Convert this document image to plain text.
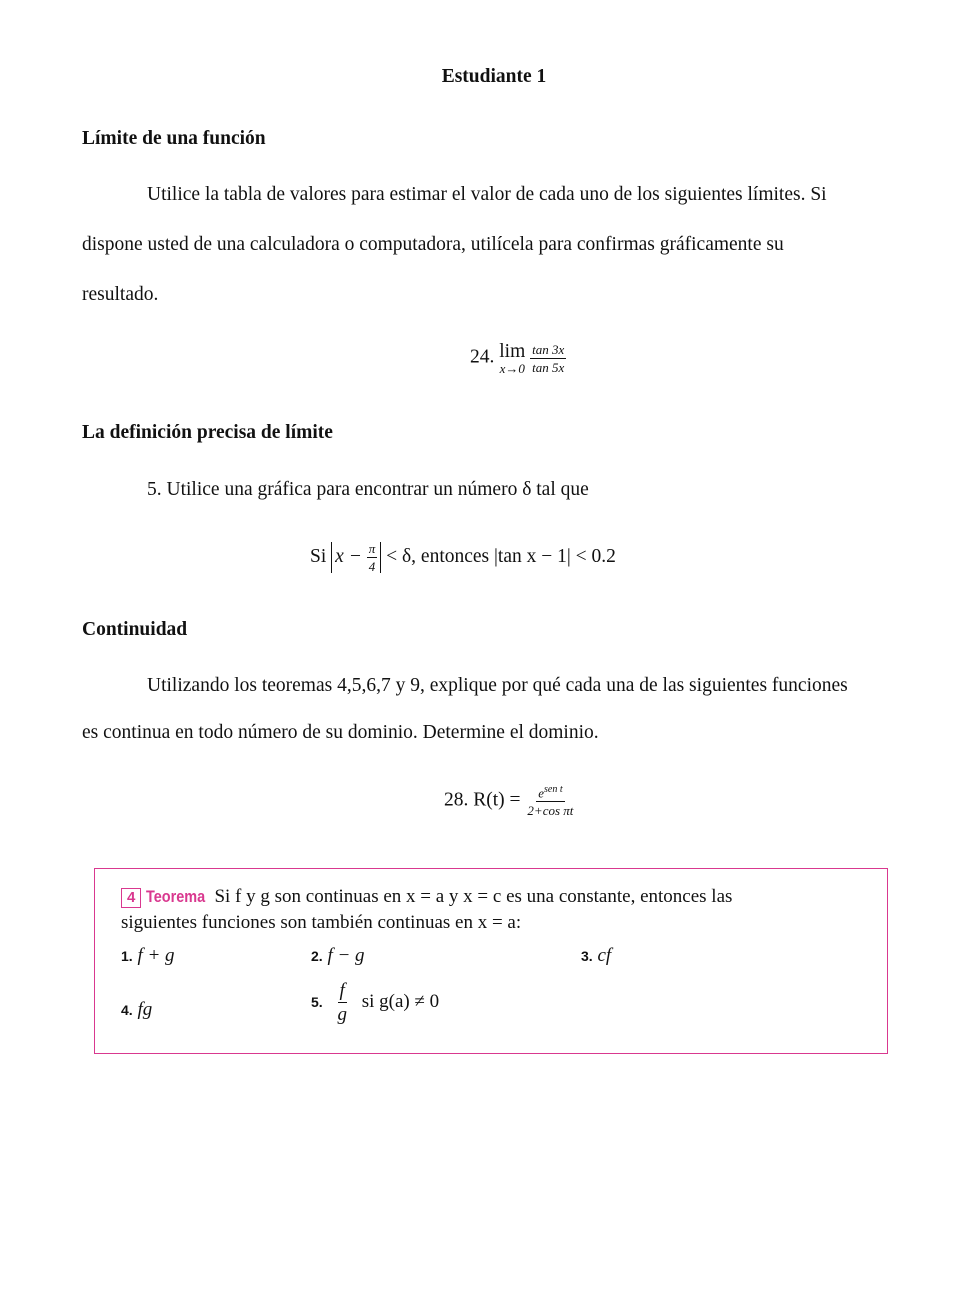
Estudiante 1
Límite de una función
Utilice la tabla de valores para estimar el valor de cada uno de los siguientes límites. Si
dispone usted de una calculadora o computadora, utilícela para confirmas gráficamente su
resultado.
24. lim
x→0
$\frac{\tan 3x}{\tan 5x}$
La definición precisa de límite
5. Utilice una gráfica para encontrar un número δ tal que
Si $x - \frac{\pi}{4} < \delta$, entonces |tan x − 1| < 0.2
Continuidad
Utilizando los teoremas 4,5,6,7 y 9, explique por qué cada una de las siguientes funciones
es continua en todo número de su dominio. Determine el dominio.
28. $R(t) = \frac{e^{sen t}}{\text{2+cos πt}}$
4 Teorema Si f y g son continuas en x = a y x = c es una constante, entonces las
siguientes funciones son también continuas en x = a:
1. f + g	2. f − g	3. cf
4. fg	5. $\frac{f}{g}$ si g(a) ≠ 0
